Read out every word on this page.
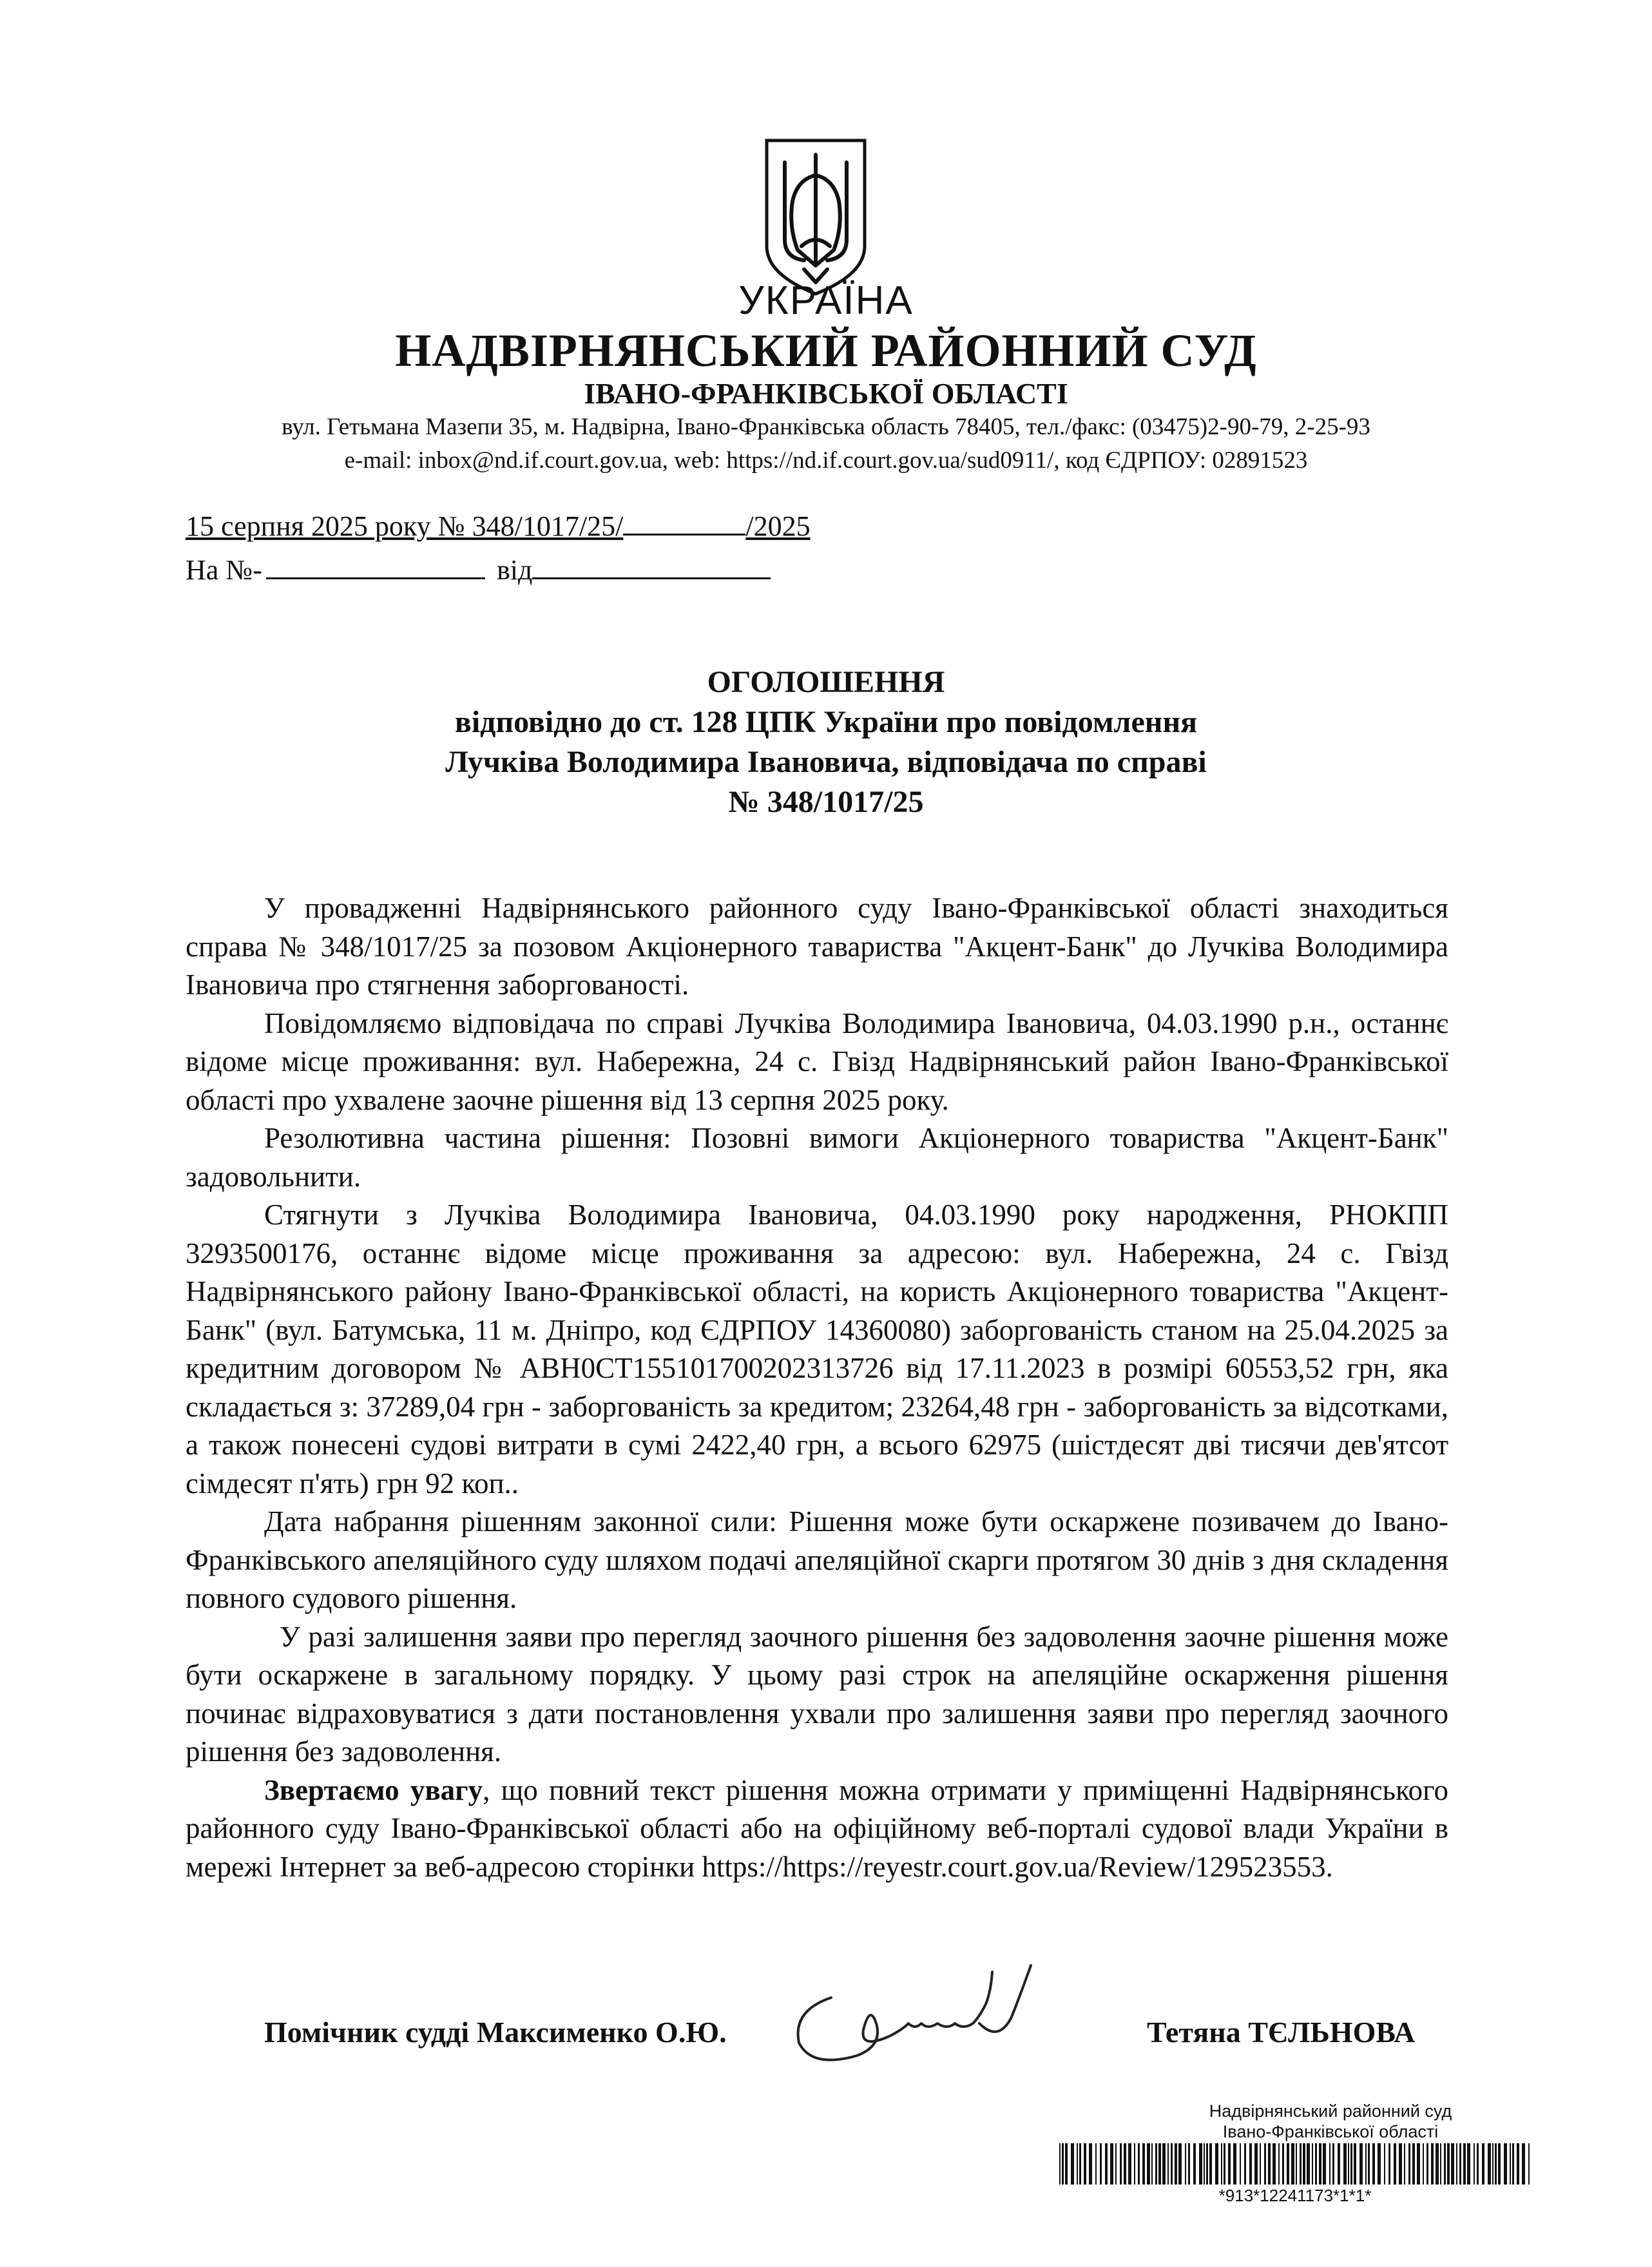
УКРАЇНА
НАДВІРНЯНСЬКИЙ РАЙОННИЙ СУД
ІВАНО-ФРАНКІВСЬКОЇ ОБЛАСТІ
вул. Гетьмана Мазепи 35, м. Надвірна, Івано-Франківська область 78405, тел./факс: (03475)2-90-79, 2-25-93
e-mail: inbox@nd.if.court.gov.ua, web: https://nd.if.court.gov.ua/sud0911/, код ЄДРПОУ: 02891523
15 серпня 2025 року № 348/1017/25/	/2025
На №-	від
ОГОЛОШЕННЯ
відповідно до ст. 128 ЦПК України про повідомлення
Лучківа Володимира Івановича, відповідача по справі
№ 348/1017/25

У провадженні Надвірнянського районного суду Івано-Франківської області знаходиться справа № 348/1017/25 за позовом Акціонерного тавариства "Акцент-Банк" до Лучківа Володимира Івановича про стягнення заборгованості.

Повідомляємо відповідача по справі Лучківа Володимира Івановича, 04.03.1990 р.н., останнє відоме місце проживання: вул. Набережна, 24 с. Гвізд Надвірнянський район Івано-Франківської області про ухвалене заочне рішення від 13 серпня 2025 року.

Резолютивна частина рішення: Позовні вимоги Акціонерного товариства "Акцент-Банк" задовольнити.

Стягнути з Лучківа Володимира Івановича, 04.03.1990 року народження, РНОКПП 3293500176, останнє відоме місце проживання за адресою: вул. Набережна, 24 с. Гвізд Надвірнянського району Івано-Франківської області, на користь Акціонерного товариства "Акцент-Банк" (вул. Батумська, 11 м. Дніпро, код ЄДРПОУ 14360080) заборгованість станом на 25.04.2025 за кредитним договором № ABH0CT155101700202313726 від 17.11.2023 в розмірі 60553,52 грн, яка складається з: 37289,04 грн - заборгованість за кредитом; 23264,48 грн - заборгованість за відсотками, а також понесені судові витрати в сумі 2422,40 грн, а всього 62975 (шістдесят дві тисячи дев'ятсот сімдесят п'ять) грн 92 коп..

Дата набрання рішенням законної сили: Рішення може бути оскаржене позивачем до Івано-Франківського апеляційного суду шляхом подачі апеляційної скарги протягом 30 днів з дня складення повного судового рішення.

У разі залишення заяви про перегляд заочного рішення без задоволення заочне рішення може бути оскаржене в загальному порядку. У цьому разі строк на апеляційне оскарження рішення починає відраховуватися з дати постановлення ухвали про залишення заяви про перегляд заочного рішення без задоволення.

Звертаємо увагу, що повний текст рішення можна отримати у приміщенні Надвірнянського районного суду Івано-Франківської області або на офіційному веб-порталі судової влади України в мережі Інтернет за веб-адресою сторінки https://https://reyestr.court.gov.ua/Review/129523553.

Помічник судді Максименко О.Ю.	Тетяна ТЄЛЬНОВА
Надвірнянський районний суд
Івано-Франківської області
*913*12241173*1*1*
